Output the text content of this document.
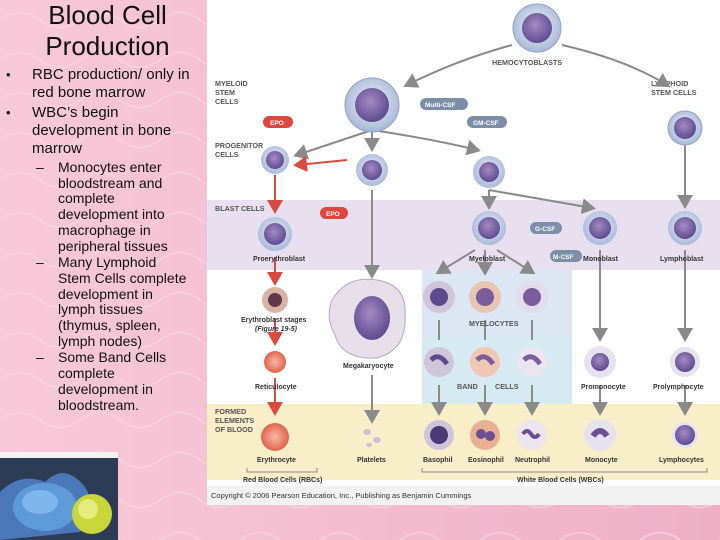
Blood Cell
Production
•	RBC production/ only in red bone marrow
•	WBC’s begin development in bone marrow
–	Monocytes enter bloodstream and complete development into macrophage in peripheral tissues
–	Many Lymphoid Stem Cells complete development in lymph tissues (thymus, spleen, lymph nodes)
–	Some Band Cells complete development in bloodstream.
MYELOID
STEM
CELLS
PROGENITOR
CELLS
BLAST CELLS
FORMED
ELEMENTS
OF BLOOD
HEMOCYTOBLASTS
LYMPHOID
STEM CELLS
EPO
Multi-CSF
GM-CSF
EPO
G-CSF
M-CSF
Proerythroblast	Myeloblast	Monoblast	Lymphoblast
Erythroblast stages
(Figure 19-5)
MYELOCYTES
Megakaryocyte
Reticulocyte	BAND CELLS	Promonocyte	Prolymphocyte
Erythrocyte	Platelets	Basophil Eosinophil Neutrophil	Monocyte	Lymphocytes
Red Blood Cells (RBCs)	White Blood Cells (WBCs)
Copyright © 2006 Pearson Education, Inc., Publishing as Benjamin Cummings
